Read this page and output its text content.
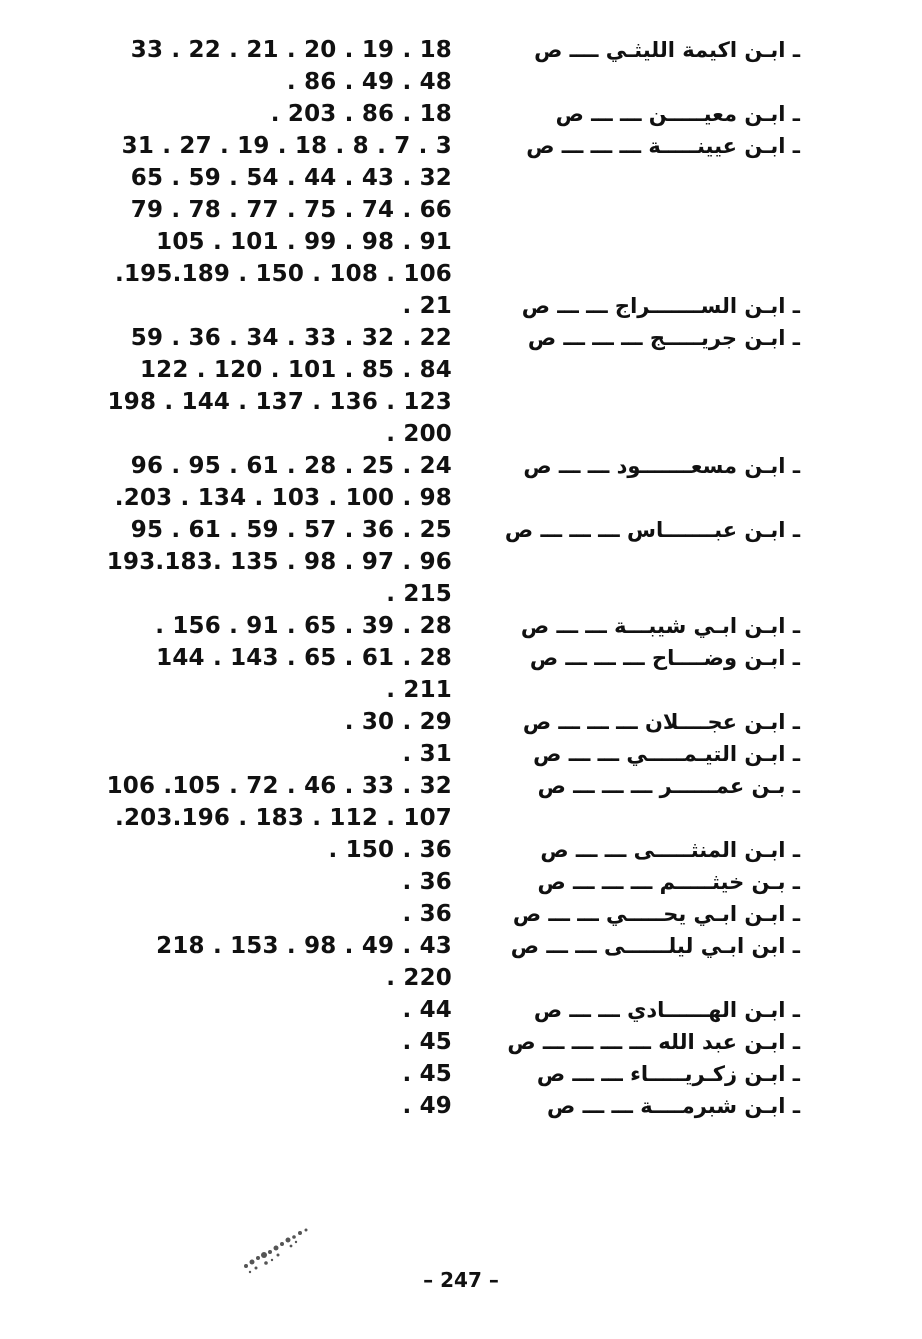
33 . 22 . 21 . 20 . 19 . 18	ـ ابـن اكيمة الليثـي ــــ ص
. 86 . 49 . 48
. 203 . 86 . 18	ـ ابـن معيـــــن ـــ ـــ ص
31 . 27 . 19 . 18 . 8 . 7 . 3	ـ ابـن عيينـــــة ـــ ـــ ـــ ص
65 . 59 . 54 . 44 . 43 . 32
79 . 78 . 77 . 75 . 74 . 66
105 . 101 . 99 . 98 . 91
.195.189 . 150 . 108 . 106
. 21	ـ ابـن الســـــــراج ـــ ـــ ص
59 . 36 . 34 . 33 . 32 . 22	ـ ابـن جريـــــج ـــ ـــ ـــ ص
122 . 120 . 101 . 85 . 84
198 . 144 . 137 . 136 . 123
. 200
96 . 95 . 61 . 28 . 25 . 24	ـ ابـن مسعـــــــود ـــ ـــ ص
.203 . 134 . 103 . 100 . 98
95 . 61 . 59 . 57 . 36 . 25	ـ ابـن عبـــــــاس ـــ ـــ ـــ ص
193.183. 135 . 98 . 97 . 96
. 215
. 156 . 91 . 65 . 39 . 28	ـ ابـن ابـي شيبـــة ـــ ـــ ص
144 . 143 . 65 . 61 . 28	ـ ابـن وضــــاح ـــ ـــ ـــ ص
. 211
. 30 . 29	ـ ابـن عجــــلان ـــ ـــ ـــ ص
. 31	ـ ابـن التيـمـــــي ـــ ـــ ص
106 .105 . 72 . 46 . 33 . 32	ـ بـن عمــــــر ـــ ـــ ـــ ص
.203.196 . 183 . 112 . 107
. 150 . 36	ـ ابـن المنثـــــى ـــ ـــ ص
. 36	ـ بـن خيثـــــم ـــ ـــ ـــ ص
. 36	ـ ابـن ابـي يحـــــي ـــ ـــ ص
218 . 153 . 98 . 49 . 43	ـ ابن ابـي ليلــــــى ـــ ـــ ص
. 220
. 44	ـ ابـن الهــــــادي ـــ ـــ ص
. 45	ـ ابـن عبد الله ـــ ـــ ـــ ـــ ص
. 45	ـ ابـن زكـريـــــاء ـــ ـــ ص
. 49	ـ ابـن شبرمــــة ـــ ـــ ص
– 247 –
